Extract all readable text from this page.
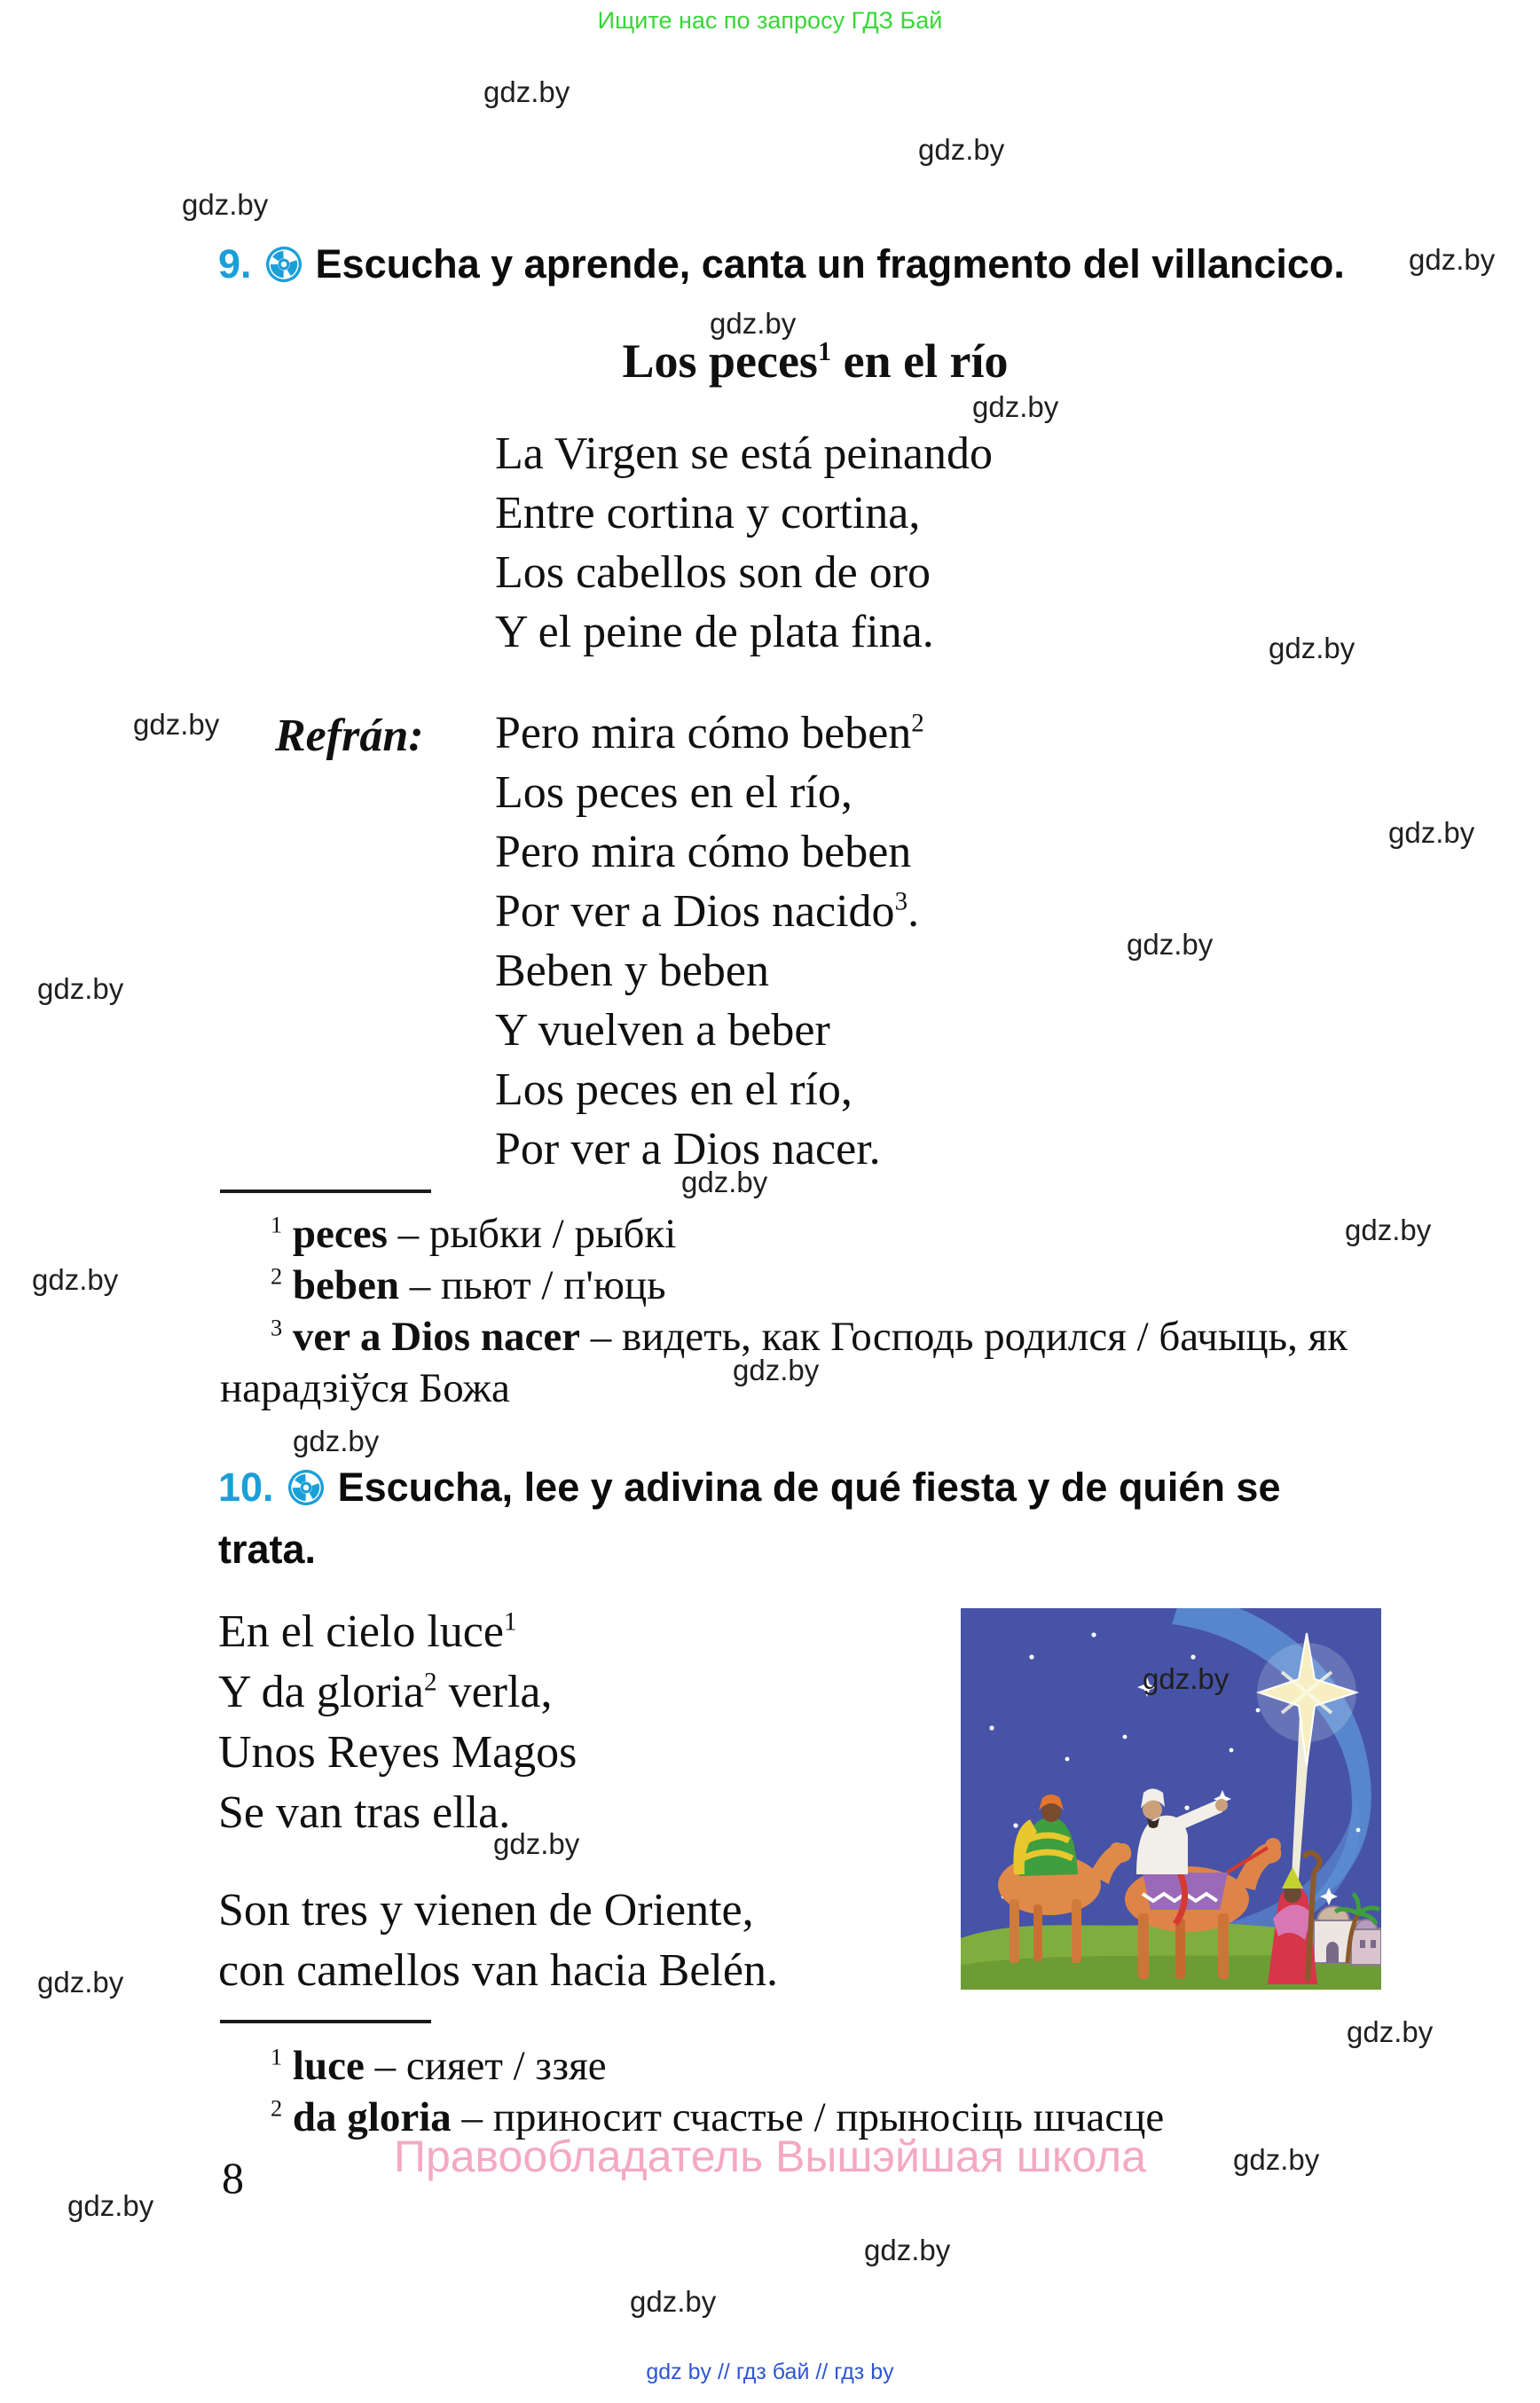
Ищите нас по запросу ГДЗ Бай
9. Escucha y aprende, canta un fragmento del villancico.
Los peces$^1$ en el río
La Virgen se está peinando
Entre cortina y cortina,
Los cabellos son de oro
Y el peine de plata fina.
Refrán: Pero mira cómo beben$^2$
Los peces en el río,
Pero mira cómo beben
Por ver a Dios nacido$^3$.
Beben y beben
Y vuelven a beber
Los peces en el río,
Por ver a Dios nacer.
$^1$ peces – рыбки / рыбкі
$^2$ beben – пьют / п'юць
$^3$ ver a Dios nacer – видеть, как Господь родился / бачыць, як нарадзіўся Божа
10. Escucha, lee y adivina de qué fiesta y de quién se
trata.
En el cielo luce$^1$
Y da gloria$^2$ verla,
Unos Reyes Magos
Se van tras ella.
Son tres y vienen de Oriente,
con camellos van hacia Belén.
$^1$ luce – сияет / ззяе
$^2$ da gloria – приносит счастье / прыносіць шчасце
Правообладатель Вышэйшая школа
8
gdz by // гдз бай // гдз by
gdz.by
gdz.by
gdz.by
gdz.by
gdz.by
gdz.by
gdz.by
gdz.by
gdz.by
gdz.by
gdz.by
gdz.by
gdz.by
gdz.by
gdz.by
gdz.by
gdz.by
gdz.by
gdz.by
gdz.by
gdz.by
gdz.by
gdz.by
gdz.by
